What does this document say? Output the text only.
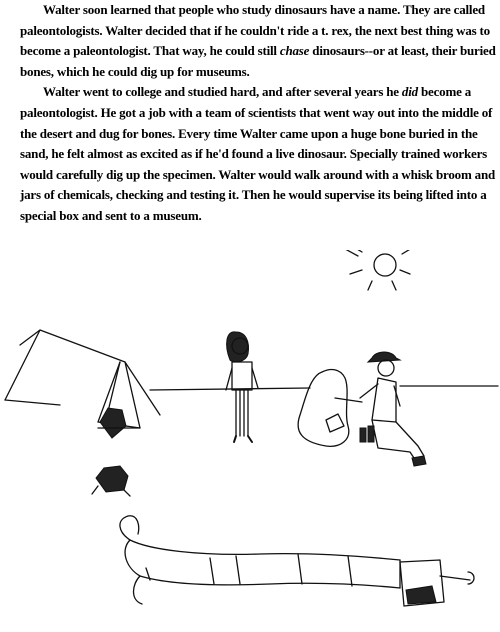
Walter soon learned that people who study dinosaurs have a name. They are called
paleontologists. Walter decided that if he couldn't ride a t. rex, the next best thing was to
become a paleontologist. That way, he could still chase dinosaurs--or at least, their buried
bones, which he could dig up for museums.

Walter went to college and studied hard, and after several years he did become a
paleontologist. He got a job with a team of scientists that went way out into the middle of
the desert and dug for bones. Every time Walter came upon a huge bone buried in the
sand, he felt almost as excited as if he'd found a live dinosaur. Specially trained workers
would carefully dig up the specimen. Walter would walk around with a whisk broom and
jars of chemicals, checking and testing it. Then he would supervise its being lifted into a
special box and sent to a museum.
